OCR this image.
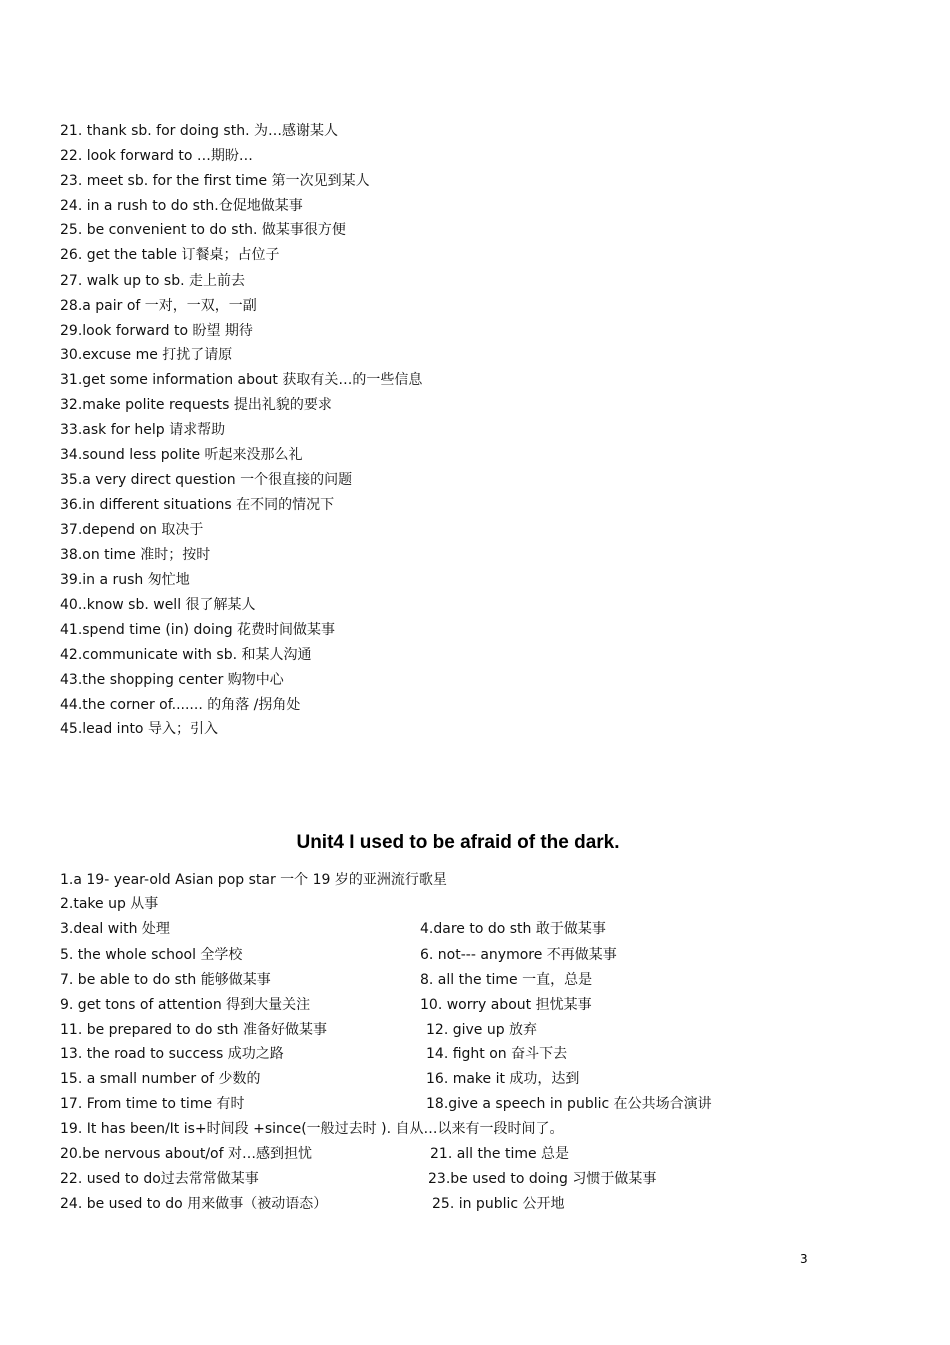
21. thank sb. for doing sth. 为…感谢某人
22. look forward to …期盼…
23. meet sb. for the first time 第一次见到某人
24. in a rush to do sth.仓促地做某事
25. be convenient to do sth. 做某事很方便
26. get the table 订餐桌；占位子
27. walk up to sb. 走上前去
28.a pair of 一对，一双，一副
29.look forward to 盼望 期待
30.excuse me 打扰了请原
31.get some information about 获取有关…的一些信息
32.make polite requests 提出礼貌的要求
33.ask for help 请求帮助
34.sound less polite 听起来没那么礼
35.a very direct question 一个很直接的问题
36.in different situations 在不同的情况下
37.depend on 取决于
38.on time 准时；按时
39.in a rush 匆忙地
40..know sb. well 很了解某人
41.spend time (in) doing 花费时间做某事
42.communicate with sb. 和某人沟通
43.the shopping center 购物中心
44.the corner of....... 的角落 /拐角处
45.lead into 导入；引入
Unit4 I used to be afraid of the dark.
1.a 19- year-old Asian pop star 一个 19 岁的亚洲流行歌星
2.take up 从事
3.deal with 处理	4.dare to do sth 敢于做某事
5. the whole school 全学校	6. not--- anymore 不再做某事
7. be able to do sth 能够做某事	8. all the time 一直，总是
9. get tons of attention 得到大量关注	10. worry about 担忧某事
11. be prepared to do sth 准备好做某事	12. give up 放弃
13. the road to success 成功之路	14. fight on 奋斗下去
15. a small number of 少数的	16. make it 成功，达到
17. From time to time 有时	18.give a speech in public 在公共场合演讲
19. It has been/It is+时间段 +since(一般过去时 ). 自从…以来有一段时间了。
20.be nervous about/of 对…感到担忧	21. all the time 总是
22. used to do过去常常做某事	23.be used to doing 习惯于做某事
24. be used to do 用来做事（被动语态）	25. in public 公开地
3
